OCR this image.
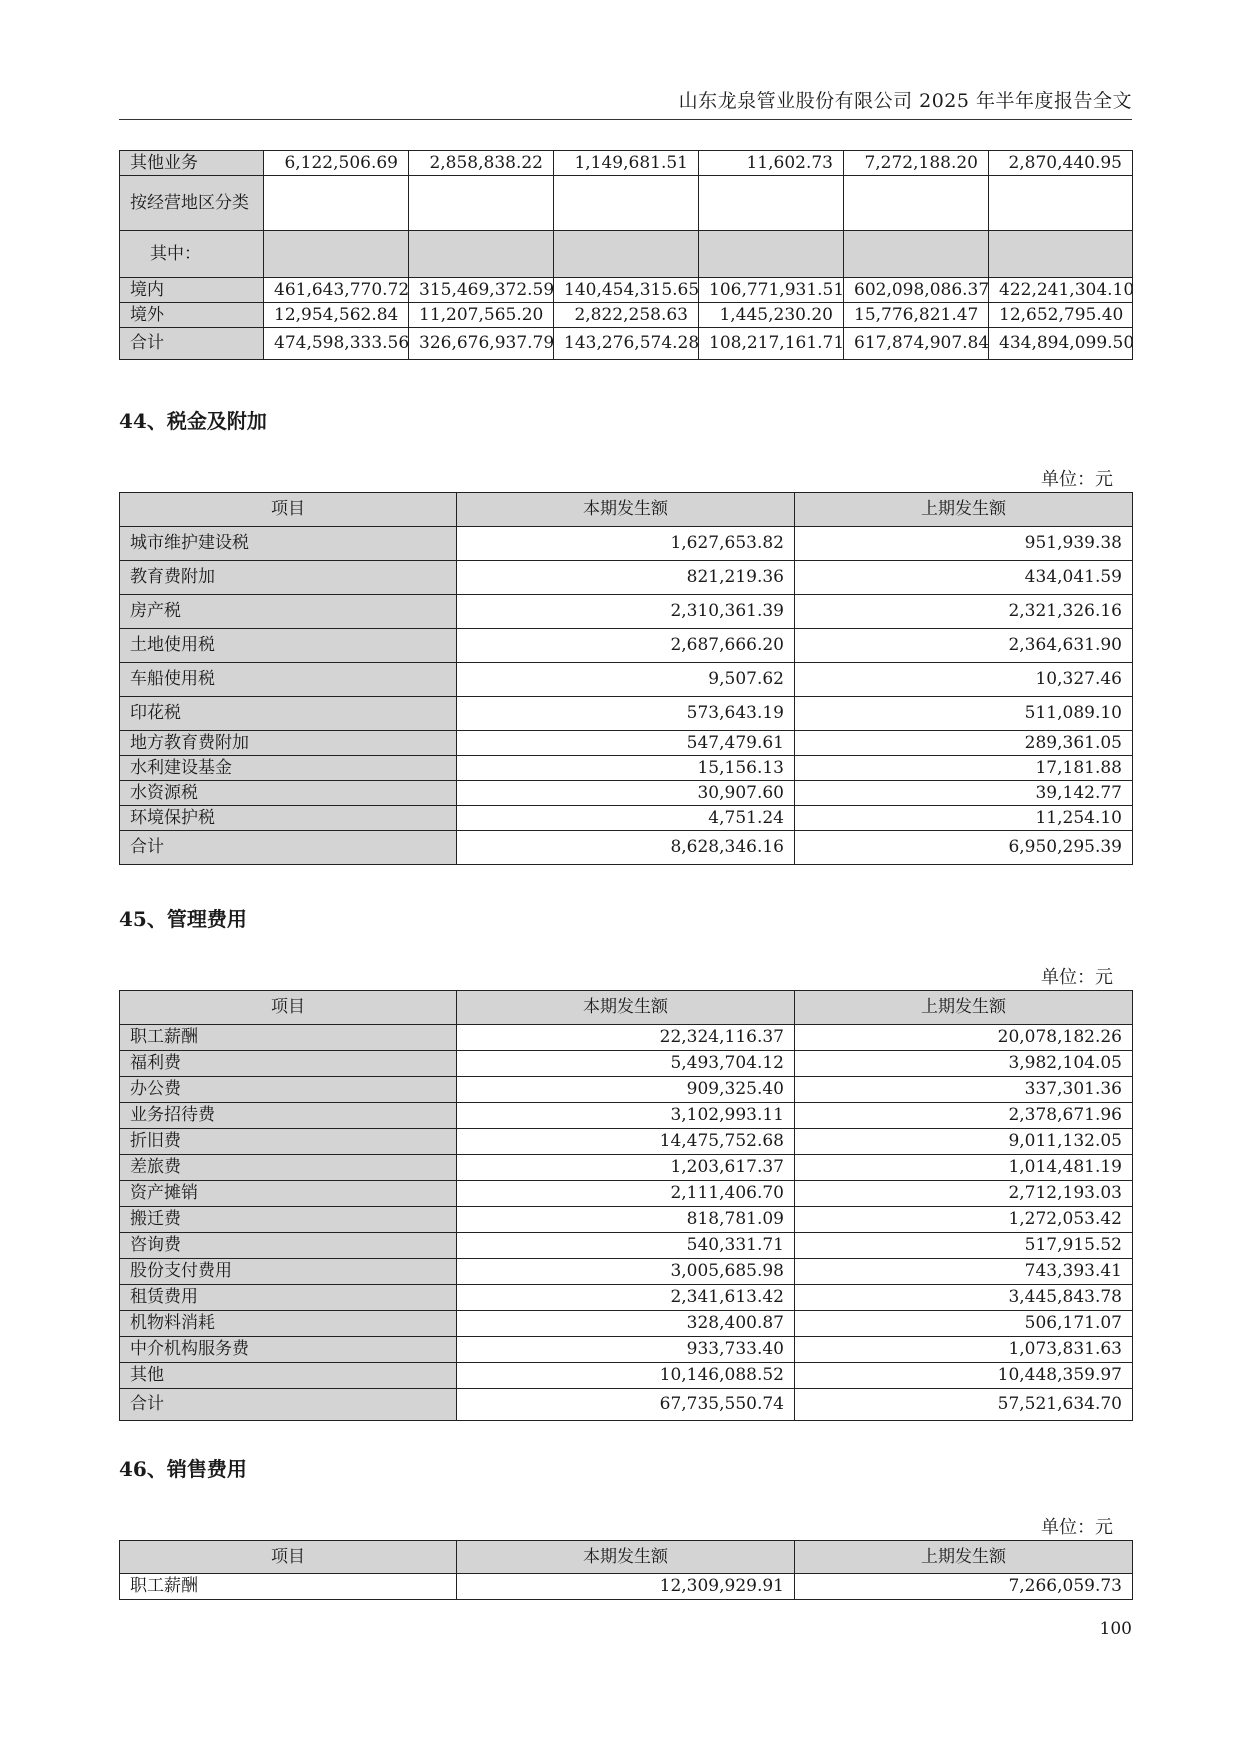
山东龙泉管业股份有限公司 2025 年半年度报告全文
其他业务	6,122,506.69	2,858,838.22	1,149,681.51	11,602.73	7,272,188.20	2,870,440.95
按经营地区分类						
其中：						
境内	461,643,770.72	315,469,372.59	140,454,315.65	106,771,931.51	602,098,086.37	422,241,304.10
境外	12,954,562.84	11,207,565.20	2,822,258.63	1,445,230.20	15,776,821.47	12,652,795.40
合计	474,598,333.56	326,676,937.79	143,276,574.28	108,217,161.71	617,874,907.84	434,894,099.50
44、税金及附加
单位：元
项目	本期发生额	上期发生额
城市维护建设税	1,627,653.82	951,939.38
教育费附加	821,219.36	434,041.59
房产税	2,310,361.39	2,321,326.16
土地使用税	2,687,666.20	2,364,631.90
车船使用税	9,507.62	10,327.46
印花税	573,643.19	511,089.10
地方教育费附加	547,479.61	289,361.05
水利建设基金	15,156.13	17,181.88
水资源税	30,907.60	39,142.77
环境保护税	4,751.24	11,254.10
合计	8,628,346.16	6,950,295.39
45、管理费用
单位：元
项目	本期发生额	上期发生额
职工薪酬	22,324,116.37	20,078,182.26
福利费	5,493,704.12	3,982,104.05
办公费	909,325.40	337,301.36
业务招待费	3,102,993.11	2,378,671.96
折旧费	14,475,752.68	9,011,132.05
差旅费	1,203,617.37	1,014,481.19
资产摊销	2,111,406.70	2,712,193.03
搬迁费	818,781.09	1,272,053.42
咨询费	540,331.71	517,915.52
股份支付费用	3,005,685.98	743,393.41
租赁费用	2,341,613.42	3,445,843.78
机物料消耗	328,400.87	506,171.07
中介机构服务费	933,733.40	1,073,831.63
其他	10,146,088.52	10,448,359.97
合计	67,735,550.74	57,521,634.70
46、销售费用
单位：元
项目	本期发生额	上期发生额
职工薪酬	12,309,929.91	7,266,059.73
100
